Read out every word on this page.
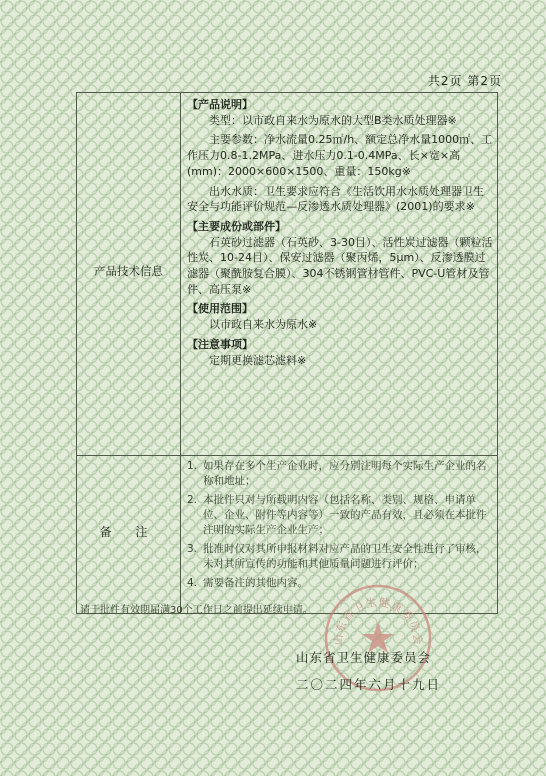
共2页 第2页
产品技术信息

【产品说明】

类型：以市政自来水为原水的大型B类水质处理器※

主要参数：净水流量0.25㎡/h、额定总净水量1000㎡、工作压力0.8-1.2MPa、进水压力0.1-0.4MPa、长×宽×高(mm)：2000×600×1500、重量：150kg※

出水水质：卫生要求应符合《生活饮用水水质处理器卫生安全与功能评价规范—反渗透水质处理器》(2001)的要求※

【主要成份或部件】

石英砂过滤器（石英砂、3-30目）、活性炭过滤器（颗粒活性炭、10-24目）、保安过滤器（聚丙烯，5μm）、反渗透膜过滤器（聚酰胺复合膜）、304不锈钢管材管件、PVC-U管材及管件、高压泵※

【使用范围】

以市政自来水为原水※

【注意事项】

定期更换滤芯滤料※

备 注
1. 如果存在多个生产企业时，应分别注明每个实际生产企业的名称和地址；
2. 本批件只对与所载明内容（包括名称、类别、规格、申请单位、企业、附件等内容等）一致的产品有效，且必须在本批件注明的实际生产企业生产；
3. 批准时仅对其所申报材料对应产品的卫生安全性进行了审核，未对其所宣传的功能和其他质量问题进行评价；
4. 需要备注的其他内容。
请于批件有效期届满30个工作日之前提出延续申请。
山东省卫生健康委员会
山东省卫生健康委员会
二〇二四年六月十九日
